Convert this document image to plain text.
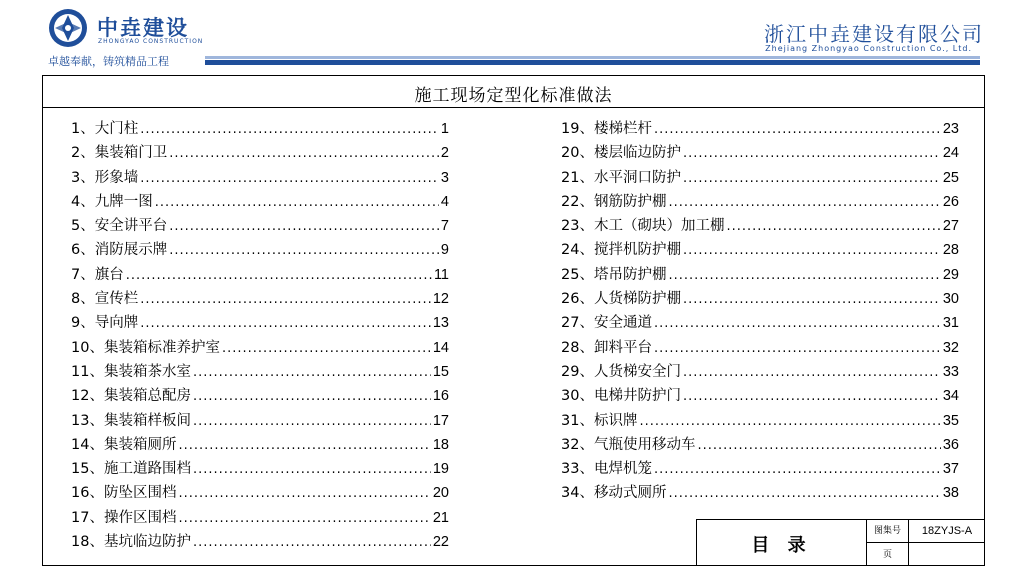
中垚建设
ZHONGYAO CONSTRUCTION
卓越奉献，铸筑精品工程
浙江中垚建设有限公司
Zhejiang Zhongyao Construction Co., Ltd.
施工现场定型化标准做法
1、大门柱 .....	1
2、集装箱门卫 .....	2
3、形象墙 .....	3
4、九牌一图 .....	4
5、安全讲平台 .....	7
6、消防展示牌 .....	9
7、旗台 .....	11
8、宣传栏 .....	12
9、导向牌 .....	13
10、集装箱标准养护室 .....	14
11、集装箱茶水室 .....	15
12、集装箱总配房 .....	16
13、集装箱样板间 .....	17
14、集装箱厕所 .....	18
15、施工道路围档 .....	19
16、防坠区围档 .....	20
17、操作区围档 .....	21
18、基坑临边防护 .....	22
19、楼梯栏杆 .....	23
20、楼层临边防护 .....	24
21、水平洞口防护 .....	25
22、钢筋防护棚 .....	26
23、木工（砌块）加工棚 .....	27
24、搅拌机防护棚 .....	28
25、塔吊防护棚 .....	29
26、人货梯防护棚 .....	30
27、安全通道 .....	31
28、卸料平台 .....	32
29、人货梯安全门 .....	33
30、电梯井防护门 .....	34
31、标识牌 .....	35
32、气瓶使用移动车 .....	36
33、电焊机笼 .....	37
34、移动式厕所 .....	38
目 录
图集号	18ZYJS-A
页
